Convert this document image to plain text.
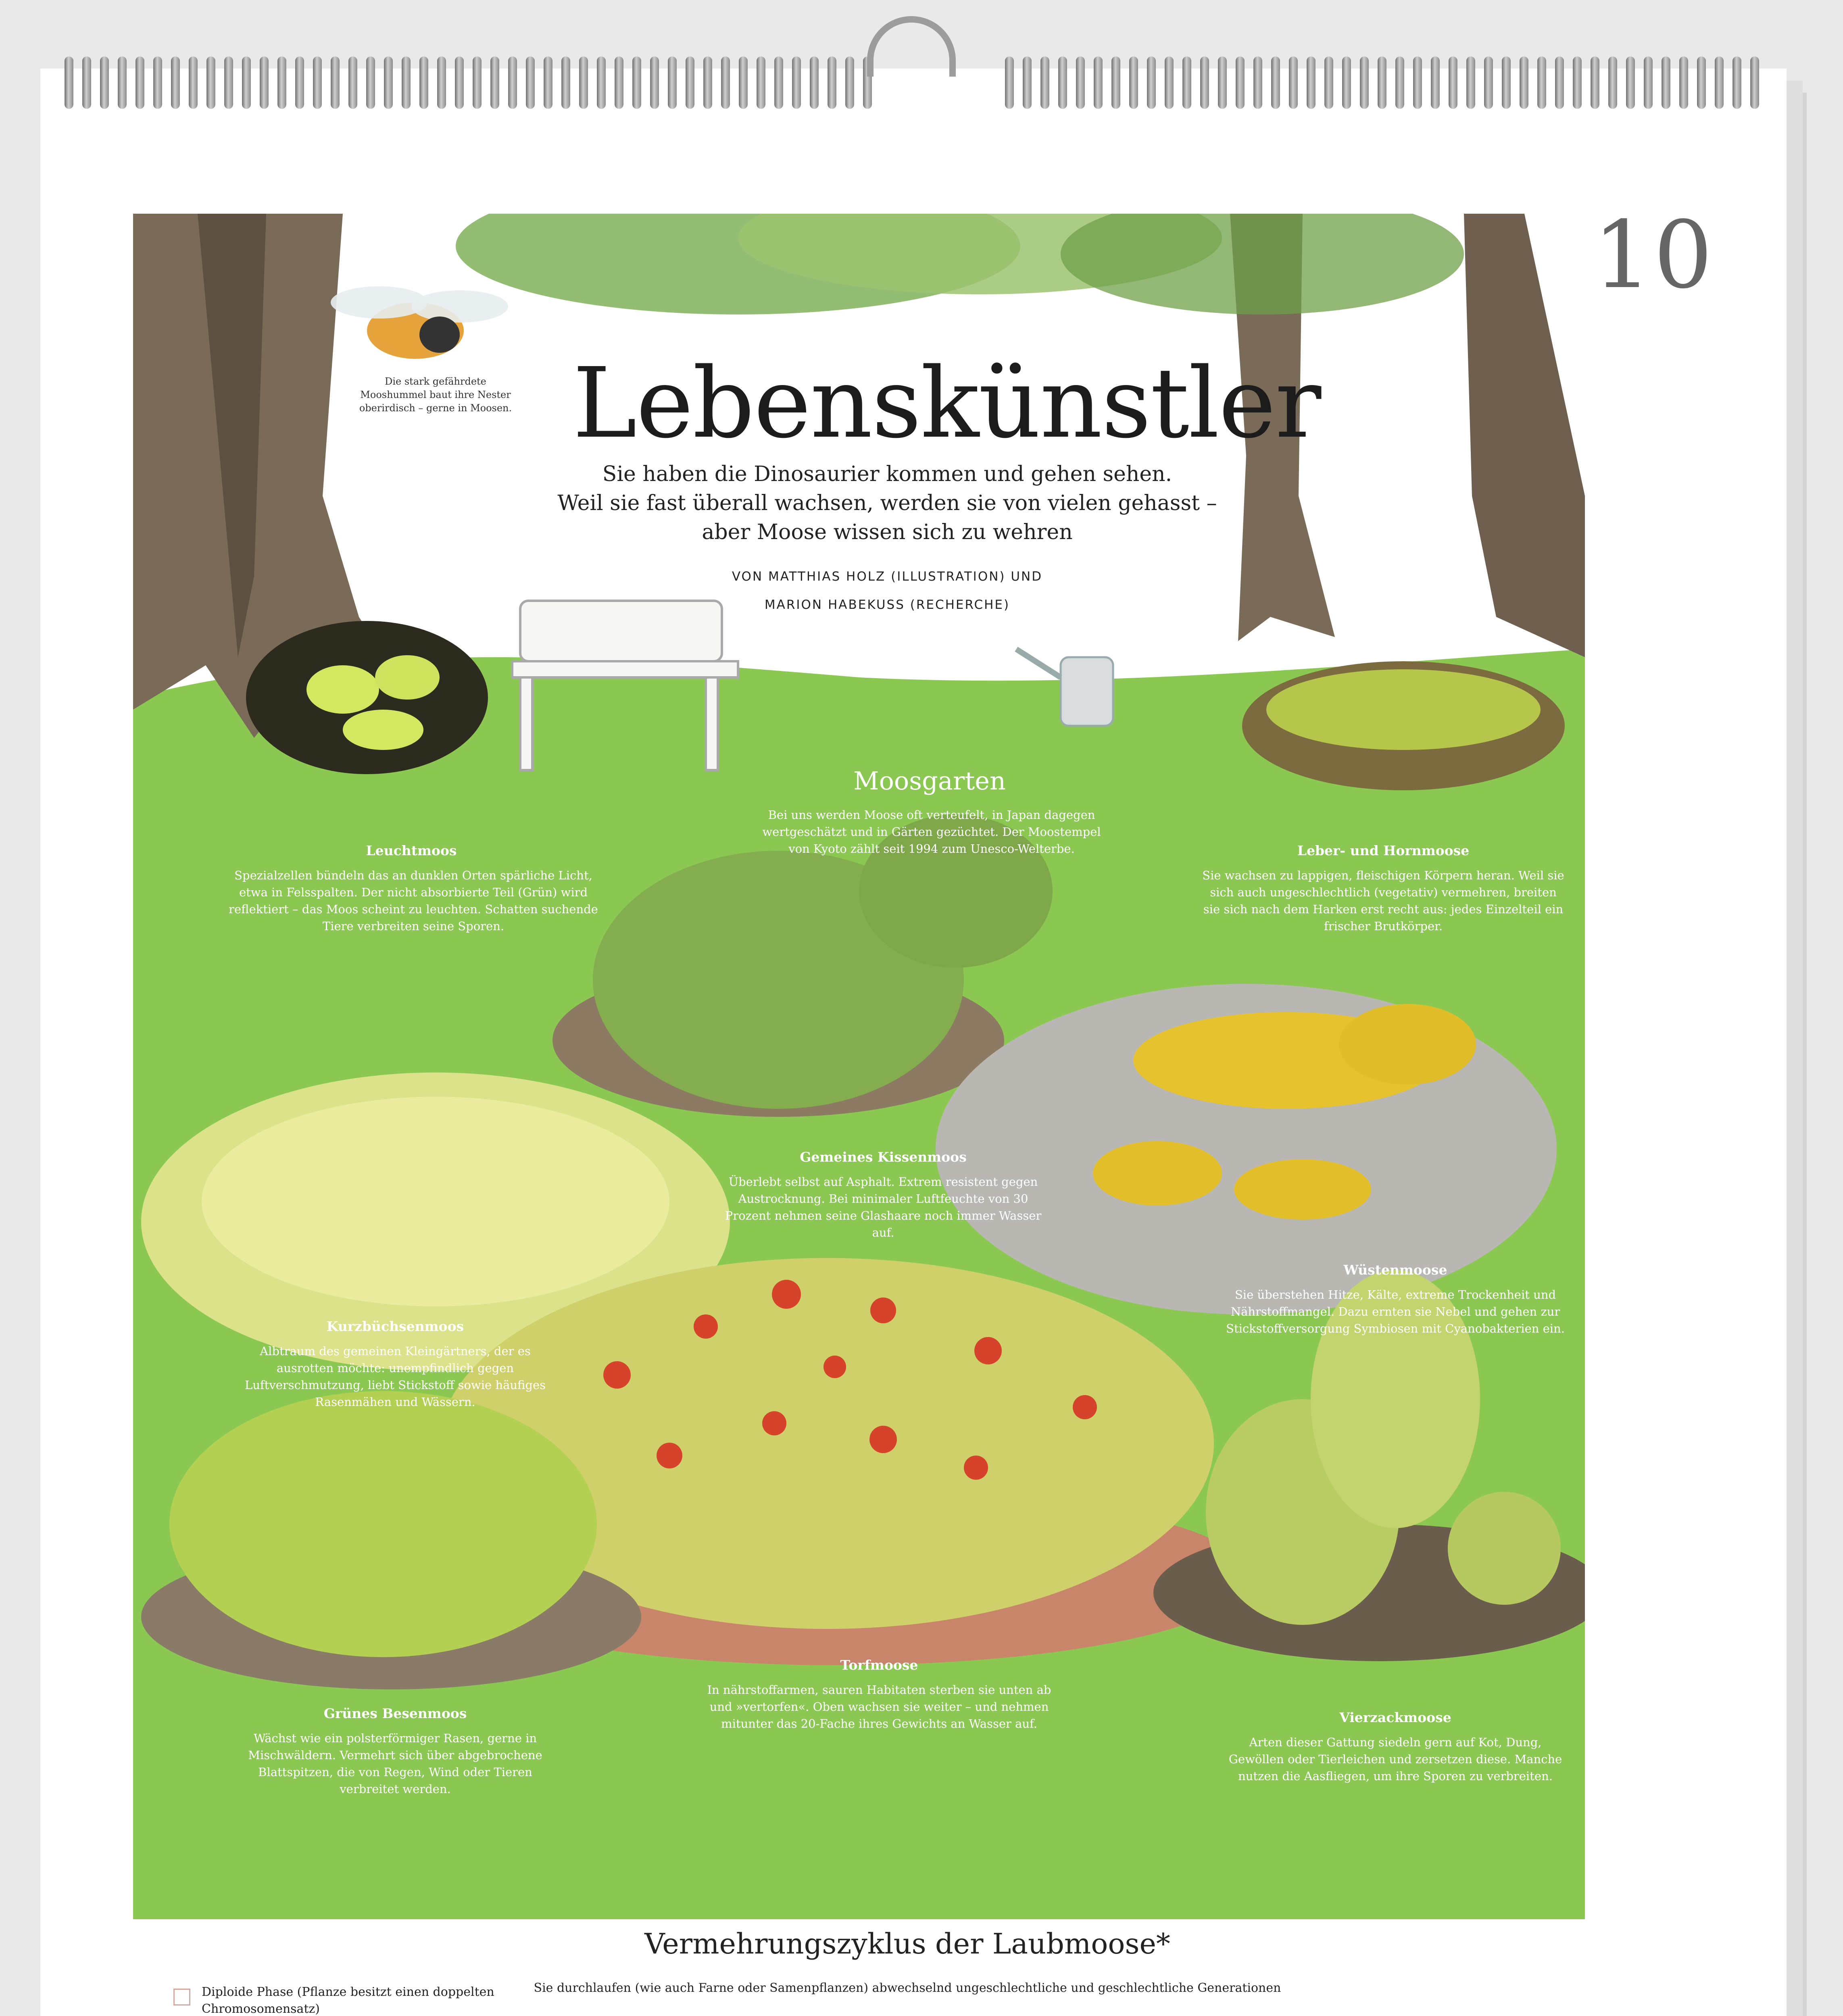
10
Lebenskünstler
Sie haben die Dinosaurier kommen und gehen sehen.
Weil sie fast überall wachsen, werden sie von vielen gehasst –
aber Moose wissen sich zu wehren
VON MATTHIAS HOLZ (ILLUSTRATION) UND
MARION HABEKUSS (RECHERCHE)
Die stark gefährdete Mooshummel baut ihre Nester oberirdisch – gerne in Moosen.
Moosgarten
Bei uns werden Moose oft verteufelt, in Japan dagegen wertgeschätzt und in Gärten gezüchtet. Der Moostempel von Kyoto zählt seit 1994 zum Unesco-Welterbe.
Leuchtmoos
Spezialzellen bündeln das an dunklen Orten spärliche Licht, etwa in Felsspalten. Der nicht absorbierte Teil (Grün) wird reflektiert – das Moos scheint zu leuchten. Schatten suchende Tiere verbreiten seine Sporen.
Leber- und Hornmoose
Sie wachsen zu lappigen, fleischigen Körpern heran. Weil sie sich auch ungeschlechtlich (vegetativ) vermehren, breiten sie sich nach dem Harken erst recht aus: jedes Einzelteil ein frischer Brutkörper.
Gemeines Kissenmoos
Überlebt selbst auf Asphalt. Extrem resistent gegen Austrocknung. Bei minimaler Luftfeuchte von 30 Prozent nehmen seine Glashaare noch immer Wasser auf.
Kurzbüchsenmoos
Albtraum des gemeinen Kleingärtners, der es ausrotten möchte: unempfindlich gegen Luftverschmutzung, liebt Stickstoff sowie häufiges Rasenmähen und Wässern.
Wüstenmoose
Sie überstehen Hitze, Kälte, extreme Trockenheit und Nährstoffmangel. Dazu ernten sie Nebel und gehen zur Stickstoffversorgung Symbiosen mit Cyanobakterien ein.
Grünes Besenmoos
Wächst wie ein polsterförmiger Rasen, gerne in Mischwäldern. Vermehrt sich über abgebrochene Blattspitzen, die von Regen, Wind oder Tieren verbreitet werden.
Torfmoose
In nährstoffarmen, sauren Habitaten sterben sie unten ab und »vertorfen«. Oben wachsen sie weiter – und nehmen mitunter das 20-Fache ihres Gewichts an Wasser auf.	Vierzackmoose
Arten dieser Gattung siedeln gern auf Kot, Dung, Gewöllen oder Tierleichen und zersetzen diese. Manche nutzen die Aasfliegen, um ihre Sporen zu verbreiten.
Vermehrungszyklus der Laubmoose*
Sie durchlaufen (wie auch Farne oder Samenpflanzen) abwechselnd ungeschlechtliche und geschlechtliche Generationen
Diploide Phase (Pflanze besitzt einen doppelten Chromosomensatz)
